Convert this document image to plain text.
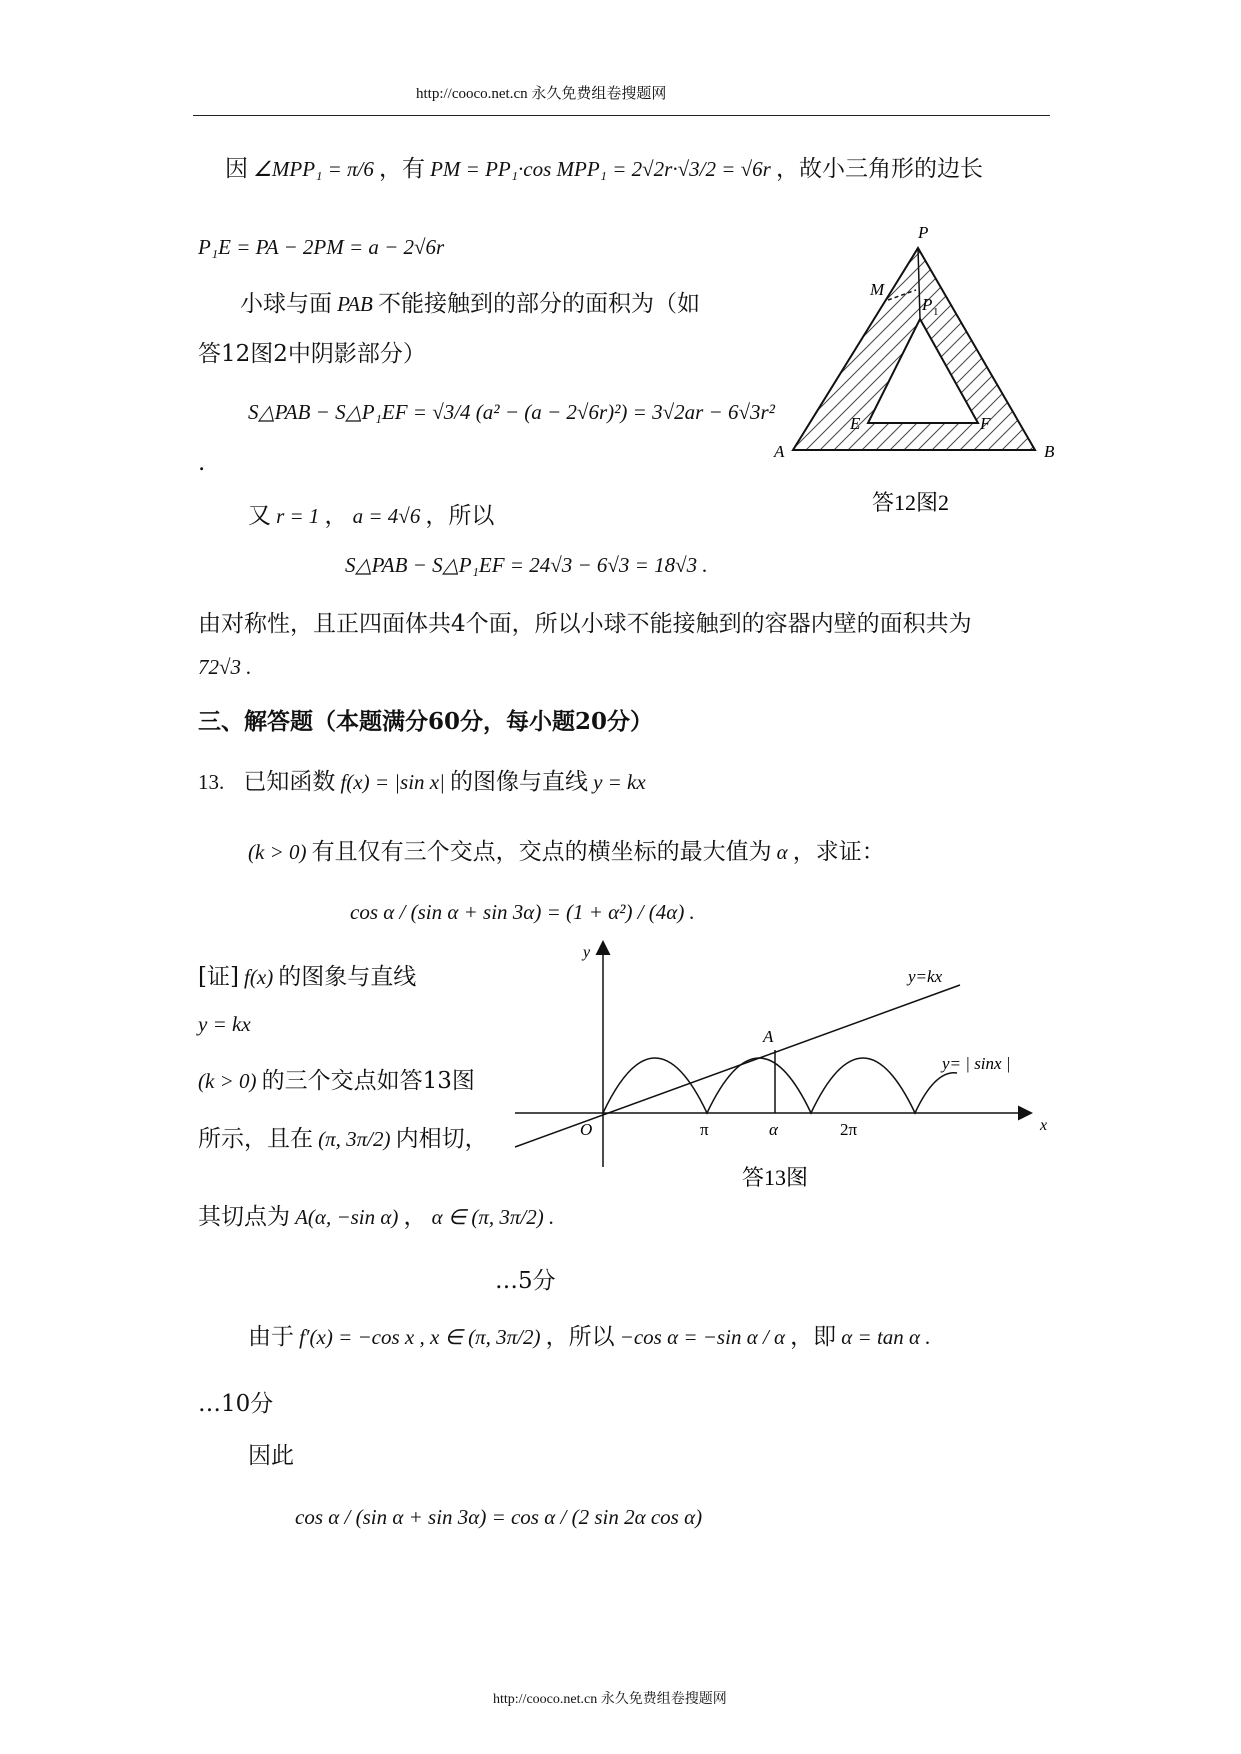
http://cooco.net.cn 永久免费组卷搜题网
因 ∠MPP₁ = π/6 ，有 PM = PP₁·cos MPP₁ = 2√2r·√3/2 = √6r ，故小三角形的边长
P₁E = PA − 2PM = a − 2√6r
小球与面 PAB 不能接触到的部分的面积为（如
答12图2中阴影部分）
S△PAB − S△P₁EF = √3/4 (a² − (a − 2√6r)²) = 3√2ar − 6√3r²
.
又 r = 1 ， a = 4√6 ，所以
S△PAB − S△P₁EF = 24√3 − 6√3 = 18√3 .
由对称性，且正四面体共4个面，所以小球不能接触到的容器内壁的面积共为
72√3 .
三、解答题（本题满分60分，每小题20分）
13. 已知函数 f(x) = |sin x| 的图像与直线 y = kx
(k > 0) 有且仅有三个交点，交点的横坐标的最大值为 α ，求证：
cos α / (sin α + sin 3α) = (1 + α²) / (4α) .
[证] f(x) 的图象与直线
y = kx
(k > 0) 的三个交点如答13图
所示，且在 (π, 3π/2) 内相切，
其切点为 A(α, −sin α) ， α ∈ (π, 3π/2) .
…5分
由于 f′(x) = −cos x , x ∈ (π, 3π/2) ，所以 −cos α = −sin α / α ，即 α = tan α .
…10分
因此
cos α / (sin α + sin 3α) = cos α / (2 sin 2α cos α)
P
M
P 1
A	B
E	F
答12图2
y
x
O
A
π	α	2π
y=kx
y= | sinx |
答13图
http://cooco.net.cn 永久免费组卷搜题网
